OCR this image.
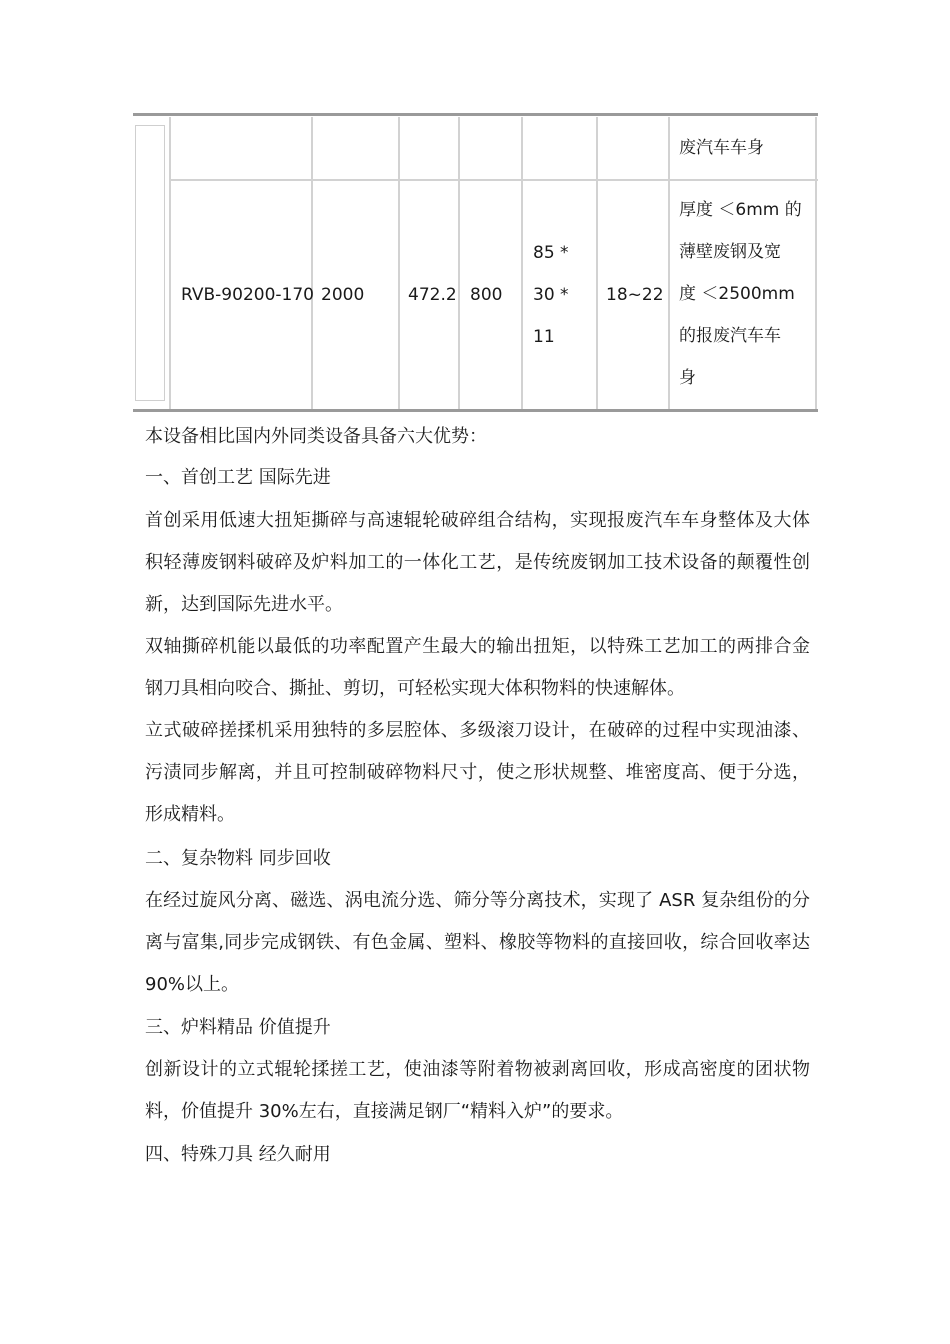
废汽车车身
RVB-90200-170 2000	472.2 800
85 *
30 *
11
18~22
厚度 ＜6mm 的
薄壁废钢及宽
度 ＜2500mm
的报废汽车车
身

本设备相比国内外同类设备具备六大优势：

一、首创工艺 国际先进

首创采用低速大扭矩撕碎与高速辊轮破碎组合结构，实现报废汽车车身整体及大体积轻薄废钢料破碎及炉料加工的一体化工艺，是传统废钢加工技术设备的颠覆性创新，达到国际先进水平。

双轴撕碎机能以最低的功率配置产生最大的输出扭矩，以特殊工艺加工的两排合金钢刀具相向咬合、撕扯、剪切，可轻松实现大体积物料的快速解体。

立式破碎搓揉机采用独特的多层腔体、多级滚刀设计，在破碎的过程中实现油漆、污渍同步解离，并且可控制破碎物料尺寸，使之形状规整、堆密度高、便于分选，形成精料。

二、复杂物料 同步回收

在经过旋风分离、磁选、涡电流分选、筛分等分离技术，实现了 ASR 复杂组份的分离与富集,同步完成钢铁、有色金属、塑料、橡胶等物料的直接回收，综合回收率达 90%以上。

三、炉料精品 价值提升

创新设计的立式辊轮揉搓工艺，使油漆等附着物被剥离回收，形成高密度的团状物料，价值提升 30%左右，直接满足钢厂“精料入炉”的要求。

四、特殊刀具 经久耐用
